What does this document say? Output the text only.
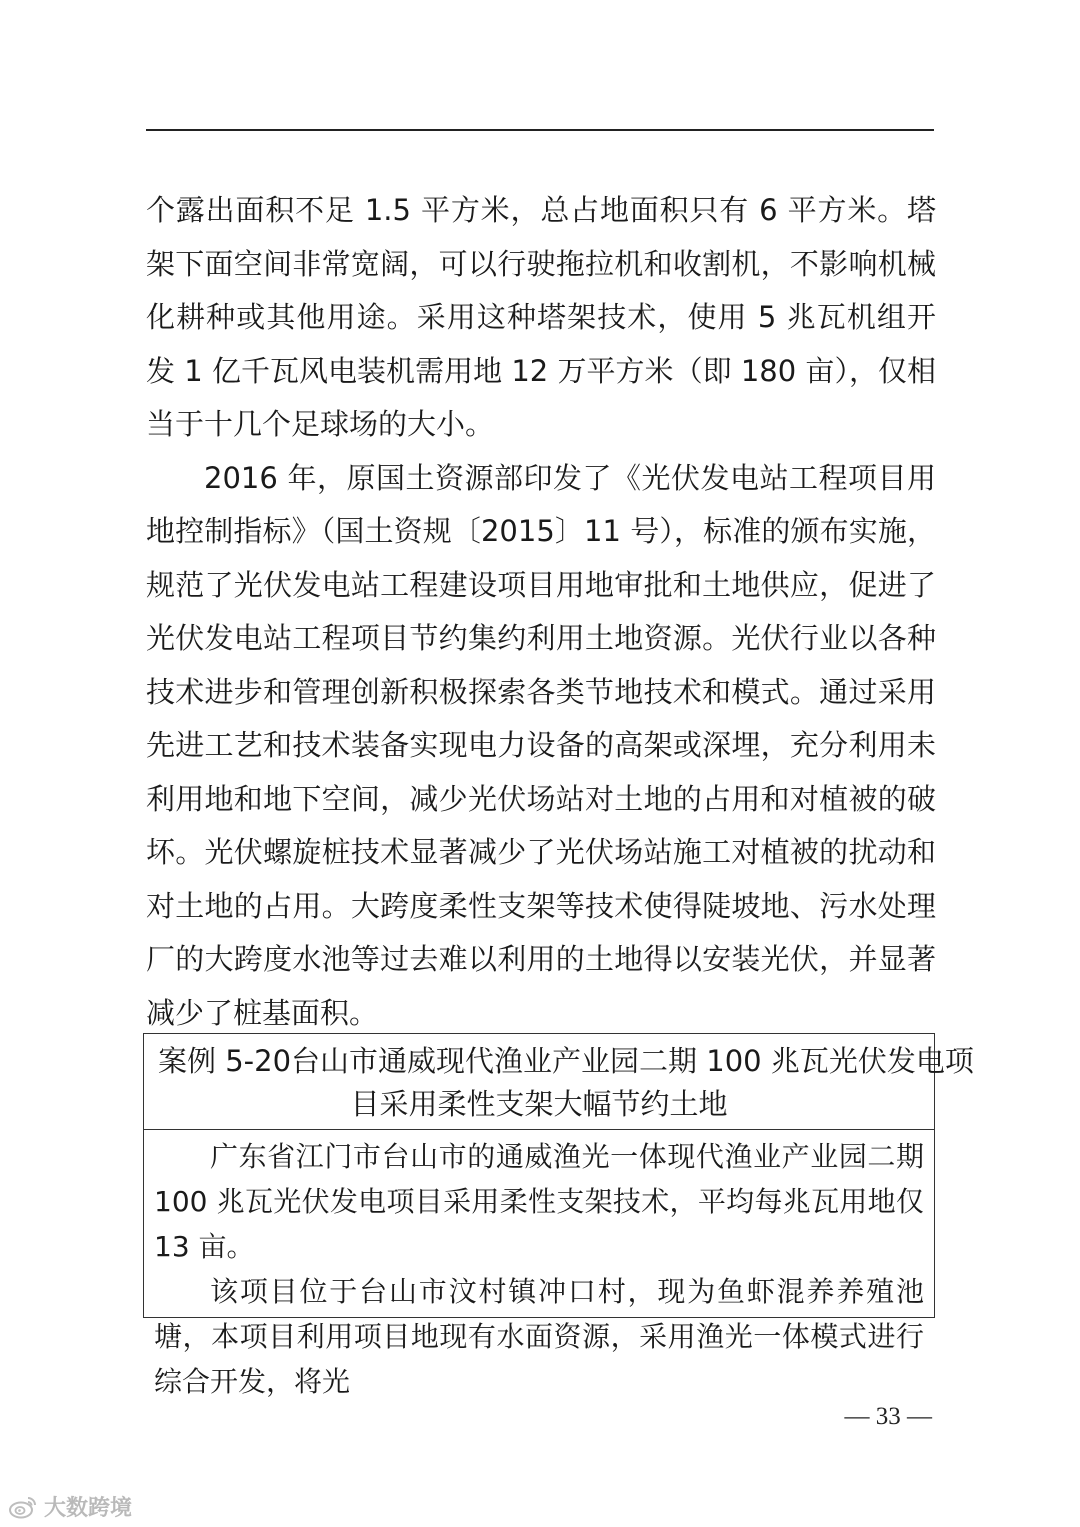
个露出面积不足 1.5 平方米，总占地面积只有 6 平方米。塔架下面空间非常宽阔，可以行驶拖拉机和收割机，不影响机械化耕种或其他用途。采用这种塔架技术，使用 5 兆瓦机组开发 1 亿千瓦风电装机需用地 12 万平方米（即 180 亩），仅相当于十几个足球场的大小。

2016 年，原国土资源部印发了《光伏发电站工程项目用地控制指标》（国土资规〔2015〕11 号），标准的颁布实施，规范了光伏发电站工程建设项目用地审批和土地供应，促进了光伏发电站工程项目节约集约利用土地资源。光伏行业以各种技术进步和管理创新积极探索各类节地技术和模式。通过采用先进工艺和技术装备实现电力设备的高架或深埋，充分利用未利用地和地下空间，减少光伏场站对土地的占用和对植被的破坏。光伏螺旋桩技术显著减少了光伏场站施工对植被的扰动和对土地的占用。大跨度柔性支架等技术使得陡坡地、污水处理厂的大跨度水池等过去难以利用的土地得以安装光伏，并显著减少了桩基面积。

案例 5-20 台山市通威现代渔业产业园二期 100 兆瓦光伏发电项
目采用柔性支架大幅节约土地

广东省江门市台山市的通威渔光一体现代渔业产业园二期 100 兆瓦光伏发电项目采用柔性支架技术，平均每兆瓦用地仅 13 亩。

该项目位于台山市汶村镇冲口村，现为鱼虾混养养殖池塘，本项目利用项目地现有水面资源，采用渔光一体模式进行综合开发，将光

— 33 —
大数跨境
